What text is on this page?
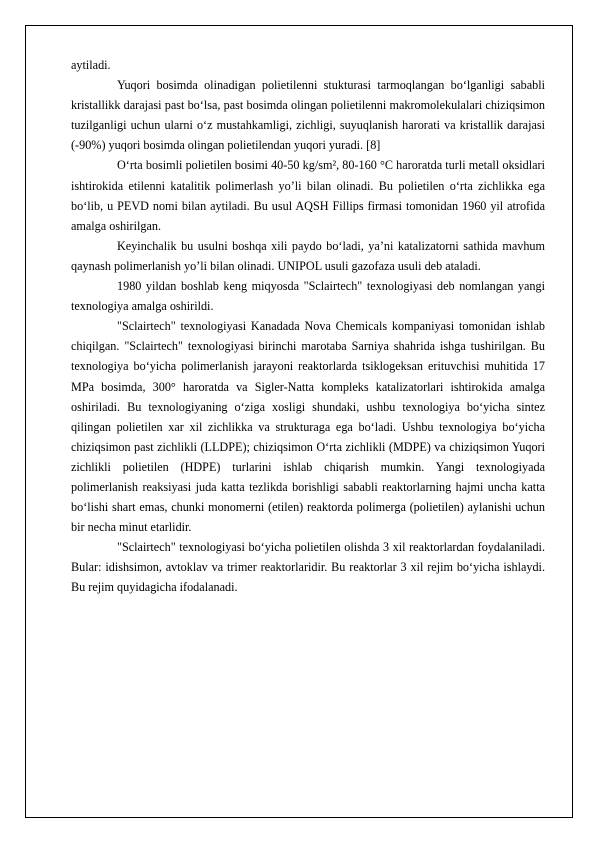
aytiladi.

Yuqori bosimda olinadigan polietilenni stukturasi tarmoqlangan bo‘lganligi sababli kristallikk darajasi past bo‘lsa, past bosimda olingan polietilenni makromolekulalari chiziqsimon tuzilganligi uchun ularni o‘z mustahkamligi, zichligi, suyuqlanish harorati va kristallik darajasi (-90%) yuqori bosimda olingan polietilendan yuqori yuradi. [8]

O‘rta bosimli polietilen bosimi 40-50 kg/sm², 80-160 °C haroratda turli metall oksidlari ishtirokida etilenni katalitik polimerlash yo’li bilan olinadi. Bu polietilen o‘rta zichlikka ega bo‘lib, u PEVD nomi bilan aytiladi. Bu usul AQSH Fillips firmasi tomonidan 1960 yil atrofida amalga oshirilgan.

Keyinchalik bu usulni boshqa xili paydo bo‘ladi, ya’ni katalizatorni sathida mavhum qaynash polimerlanish yo’li bilan olinadi. UNIPOL usuli gazofaza usuli deb ataladi.

1980 yildan boshlab keng miqyosda "Sclairtech" texnologiyasi deb nomlangan yangi texnologiya amalga oshirildi.

"Sclairtech" texnologiyasi Kanadada Nova Chemicals kompaniyasi tomonidan ishlab chiqilgan. "Sclairtech" texnologiyasi birinchi marotaba Sarniya shahrida ishga tushirilgan. Bu texnologiya bo‘yicha polimerlanish jarayoni reaktorlarda tsiklogeksan erituvchisi muhitida 17 MPa bosimda, 300° haroratda va Sigler-Natta kompleks katalizatorlari ishtirokida amalga oshiriladi. Bu texnologiyaning o‘ziga xosligi shundaki, ushbu texnologiya bo‘yicha sintez qilingan polietilen xar xil zichlikka va strukturaga ega bo‘ladi. Ushbu texnologiya bo‘yicha chiziqsimon past zichlikli (LLDPE); chiziqsimon O‘rta zichlikli (MDPE) va chiziqsimon Yuqori zichlikli polietilen (HDPE) turlarini ishlab chiqarish mumkin. Yangi texnologiyada polimerlanish reaksiyasi juda katta tezlikda borishligi sababli reaktorlarning hajmi uncha katta bo‘lishi shart emas, chunki monomerni (etilen) reaktorda polimerga (polietilen) aylanishi uchun bir necha minut etarlidir.

"Sclairtech" texnologiyasi bo‘yicha polietilen olishda 3 xil reaktorlardan foydalaniladi. Bular: idishsimon, avtoklav va trimer reaktorlaridir. Bu reaktorlar 3 xil rejim bo‘yicha ishlaydi. Bu rejim quyidagicha ifodalanadi.
